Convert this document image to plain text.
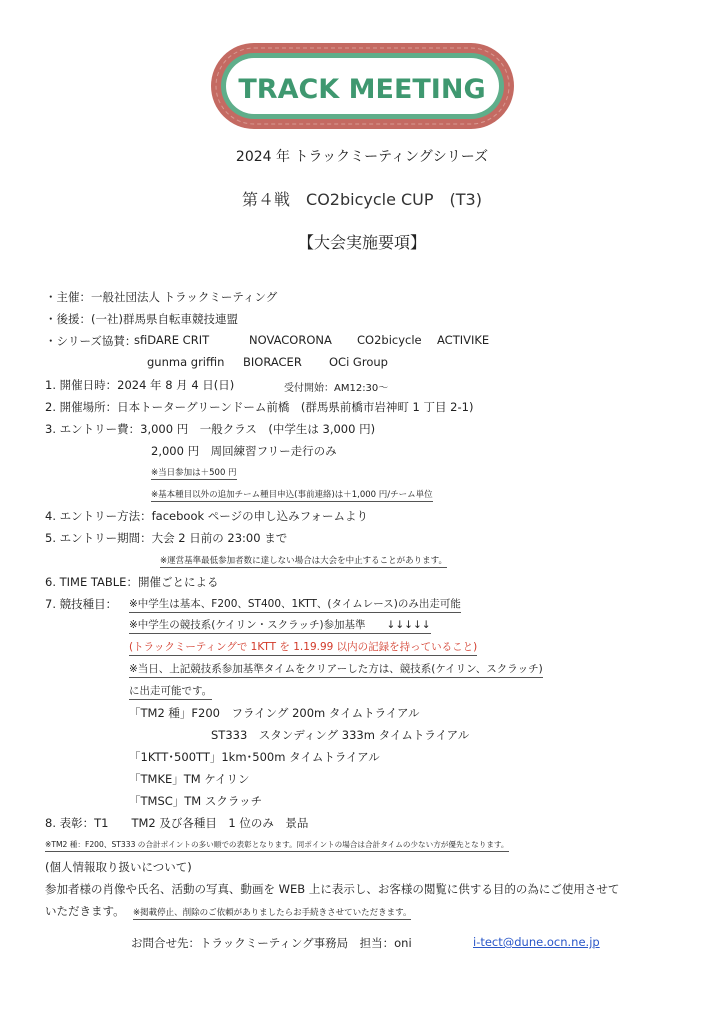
TRACK MEETING
2024 年 トラックミーティングシリーズ
第４戦　CO2bicycle CUP　(T3)
【大会実施要項】
・主催：一般社団法人 トラックミーティング
・後援：(一社)群馬県自転車競技連盟
・シリーズ協賛：
sfiDARE CRIT	NOVACORONA CO2bicycle ACTIVIKE
gunma griffin BIORACER OCi Group
1. 開催日時：2024 年 8 月 4 日(日)	受付開始：AM12:30～
2. 開催場所：日本トーターグリーンドーム前橋　(群馬県前橋市岩神町 1 丁目 2-1)
3. エントリー費：3,000 円　一般クラス　(中学生は 3,000 円)
2,000 円　周回練習フリー走行のみ
※当日参加は＋500 円
※基本種目以外の追加チーム種目申込(事前連絡)は＋1,000 円/チーム単位
4. エントリー方法：facebook ページの申し込みフォームより
5. エントリー期間：大会 2 日前の 23:00 まで
※運営基準最低参加者数に達しない場合は大会を中止することがあります。
6. TIME TABLE：開催ごとによる
7. 競技種目： ※中学生は基本、F200、ST400、1KTT、(タイムレース)のみ出走可能
※中学生の競技系(ケイリン・スクラッチ)参加基準　　↓↓↓↓↓
(トラックミーティングで 1KTT を 1.19.99 以内の記録を持っていること)
※当日、上記競技系参加基準タイムをクリアーした方は、競技系(ケイリン、スクラッチ)
に出走可能です。
「TM2 種」F200　フライング 200m タイムトライアル
ST333　スタンディング 333m タイムトライアル
「1KTT･500TT」1km･500m タイムトライアル
「TMKE」TM ケイリン
「TMSC」TM スクラッチ
8. 表彰：T1　　TM2 及び各種目　1 位のみ　景品
※TM2 種：F200、ST333 の合計ポイントの多い順での表彰となります。同ポイントの場合は合計タイムの少ない方が優先となります。
(個人情報取り扱いについて)
参加者様の肖像や氏名、活動の写真、動画を WEB 上に表示し、お客様の閲覧に供する目的の為にご使用させて
いただきます。 ※掲載停止、削除のご依頼がありましたらお手続きさせていただきます。
お問合せ先：トラックミーティング事務局　担当：oni	i-tect@dune.ocn.ne.jp
